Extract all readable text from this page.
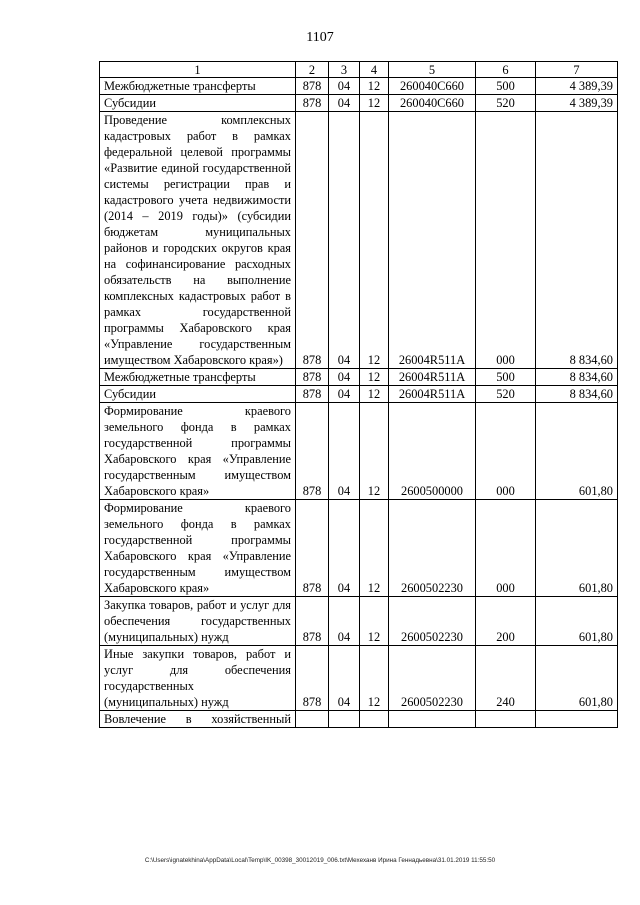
1107
1	2	3	4	5	6	7
Межбюджетные трансферты	878	04	12	260040С660	500	4 389,39
Субсидии	878	04	12	260040С660	520	4 389,39
Проведение комплексных кадастровых работ в рамках федеральной целевой программы «Развитие единой государственной системы регистрации прав и кадастрового учета недвижимости (2014 – 2019 годы)» (субсидии бюджетам муниципальных районов и городских округов края на софинансирование расходных обязательств на выполнение комплексных кадастровых работ в рамках государственной программы Хабаровского края «Управление государственным имуществом Хабаровского края»)	878	04	12	26004R511А	000	8 834,60
Межбюджетные трансферты	878	04	12	26004R511А	500	8 834,60
Субсидии	878	04	12	26004R511А	520	8 834,60
Формирование краевого земельного фонда в рамках государственной программы Хабаровского края «Управление государственным имуществом Хабаровского края»	878	04	12	2600500000	000	601,80
Формирование краевого земельного фонда в рамках государственной программы Хабаровского края «Управление государственным имуществом Хабаровского края»	878	04	12	2600502230	000	601,80
Закупка товаров, работ и услуг для обеспечения государственных (муниципальных) нужд	878	04	12	2600502230	200	601,80
Иные закупки товаров, работ и услуг для обеспечения государственных (муниципальных) нужд	878	04	12	2600502230	240	601,80
Вовлечение в хозяйственный						
C:\Users\ignatekhina\AppData\Local\Temp\IK_00398_30012019_006.txt\Мехеханв Ирина Геннадьевна\31.01.2019 11:55:50
